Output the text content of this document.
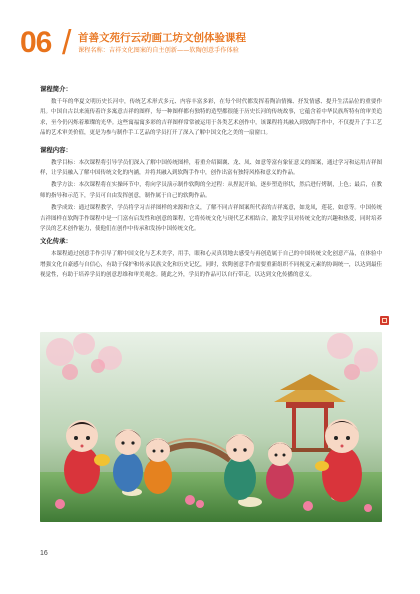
06 / 首善文苑行云动画工坊文创体验课程
课程名称：吉祥文化图案的自主创新——软陶创意手作体验
课程简介：

数千年的华夏文明历史长河中，传统艺术形式多元、内容丰富多彩，在每个时代都发挥着陶冶情操、抒发情感、提升生活品位的重要作用。中国自古以来流传着许多寓意吉祥的图样，每一种图样都有独特的造型都很能于历史长河的传统故事，它蕴含着中华民族所特有的审美追求，至今仍闪烁着璀璨的光华。这些寓福寓多彩的吉祥图样常常被运用于各类艺术创作中，该课程将其融入到软陶手作中，不仅提升了手工艺品的艺术审美价值，更是为参与制作手工艺品的学员打开了深入了解中国文化之美的一扇窗口。

课程内容：

教学目标：本次课程将引导学员们深入了解中国传统图样，着重介绍圈襄、龙、凤、如意等富有象征意义的图案，通过学习和运用吉祥图样，让学员融入了解中国传统文化的内涵，并将其融入到软陶手作中，创作出富有独特风格和意义的作品。

教学方法：本次课程将在实操环节中，将向学员演示制作软陶的全过程：从捏泥开始，逐步塑造形状，然后进行烤制，上色；最后，在教师的指导和示范下，学员可自由发挥创意，制作属于自己的软陶作品。

教学成效：通过课程教学，学员将学习吉祥图样的来源和含义，了解不同吉祥图案所代表的吉祥寓意，如龙凤，莲花，如意等。中国传统吉祥图样在软陶手作课程中是一门富有启发性和创意的课程，它将传统文化与现代艺术相结合，激发学员对传统文化的兴趣和热爱，同时培养学员的艺术创作能力，使他们在创作中传承和发扬中国传统文化。

文化传承：

本课程通过创意手作引导了解中国文化与艺术美学，用手，眼和心灵真切地去感受与再创造属于自己的中国传统文化创意产品，在体验中增强文化自豪感与自信心，有助于保护和传承民族文化和历史记忆，同时，软陶创意手作需要重新组织不同视觉元素的协调统一，以达到最佳视觉性，有助于培养学员的创意思维和审美观念。随此之外，学员的作品可以自行带走，以达到文化传播的意义。

16
